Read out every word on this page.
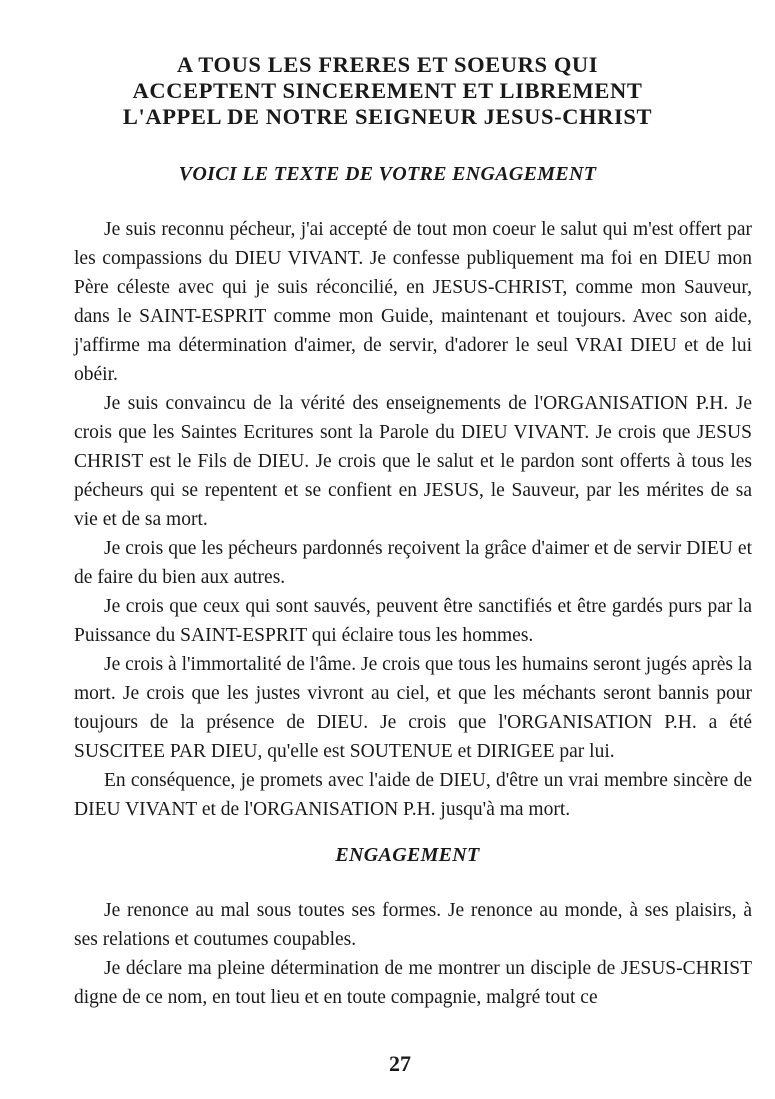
A TOUS LES FRERES ET SOEURS QUI
ACCEPTENT SINCEREMENT ET LIBREMENT
L'APPEL DE NOTRE SEIGNEUR JESUS-CHRIST
VOICI LE TEXTE DE VOTRE ENGAGEMENT

Je suis reconnu pécheur, j'ai accepté de tout mon coeur le salut qui m'est offert par les compassions du DIEU VIVANT. Je confesse publiquement ma foi en DIEU mon Père céleste avec qui je suis réconcilié, en JESUS-CHRIST, comme mon Sauveur, dans le SAINT-ESPRIT comme mon Guide, maintenant et toujours. Avec son aide, j'affirme ma détermination d'aimer, de servir, d'adorer le seul VRAI DIEU et de lui obéir.

Je suis convaincu de la vérité des enseignements de l'ORGANISATION P.H. Je crois que les Saintes Ecritures sont la Parole du DIEU VIVANT. Je crois que JESUS CHRIST est le Fils de DIEU. Je crois que le salut et le pardon sont offerts à tous les pécheurs qui se repentent et se confient en JESUS, le Sauveur, par les mérites de sa vie et de sa mort.

Je crois que les pécheurs pardonnés reçoivent la grâce d'aimer et de servir DIEU et de faire du bien aux autres.

Je crois que ceux qui sont sauvés, peuvent être sanctifiés et être gardés purs par la Puissance du SAINT-ESPRIT qui éclaire tous les hommes.

Je crois à l'immortalité de l'âme. Je crois que tous les humains seront jugés après la mort. Je crois que les justes vivront au ciel, et que les méchants seront bannis pour toujours de la présence de DIEU. Je crois que l'ORGANISATION P.H. a été SUSCITEE PAR DIEU, qu'elle est SOUTENUE et DIRIGEE par lui.

En conséquence, je promets avec l'aide de DIEU, d'être un vrai membre sincère de DIEU VIVANT et de l'ORGANISATION P.H. jusqu'à ma mort.

ENGAGEMENT

Je renonce au mal sous toutes ses formes. Je renonce au monde, à ses plaisirs, à ses relations et coutumes coupables.

Je déclare ma pleine détermination de me montrer un disciple de JESUS-CHRIST digne de ce nom, en tout lieu et en toute compagnie, malgré tout ce

27
